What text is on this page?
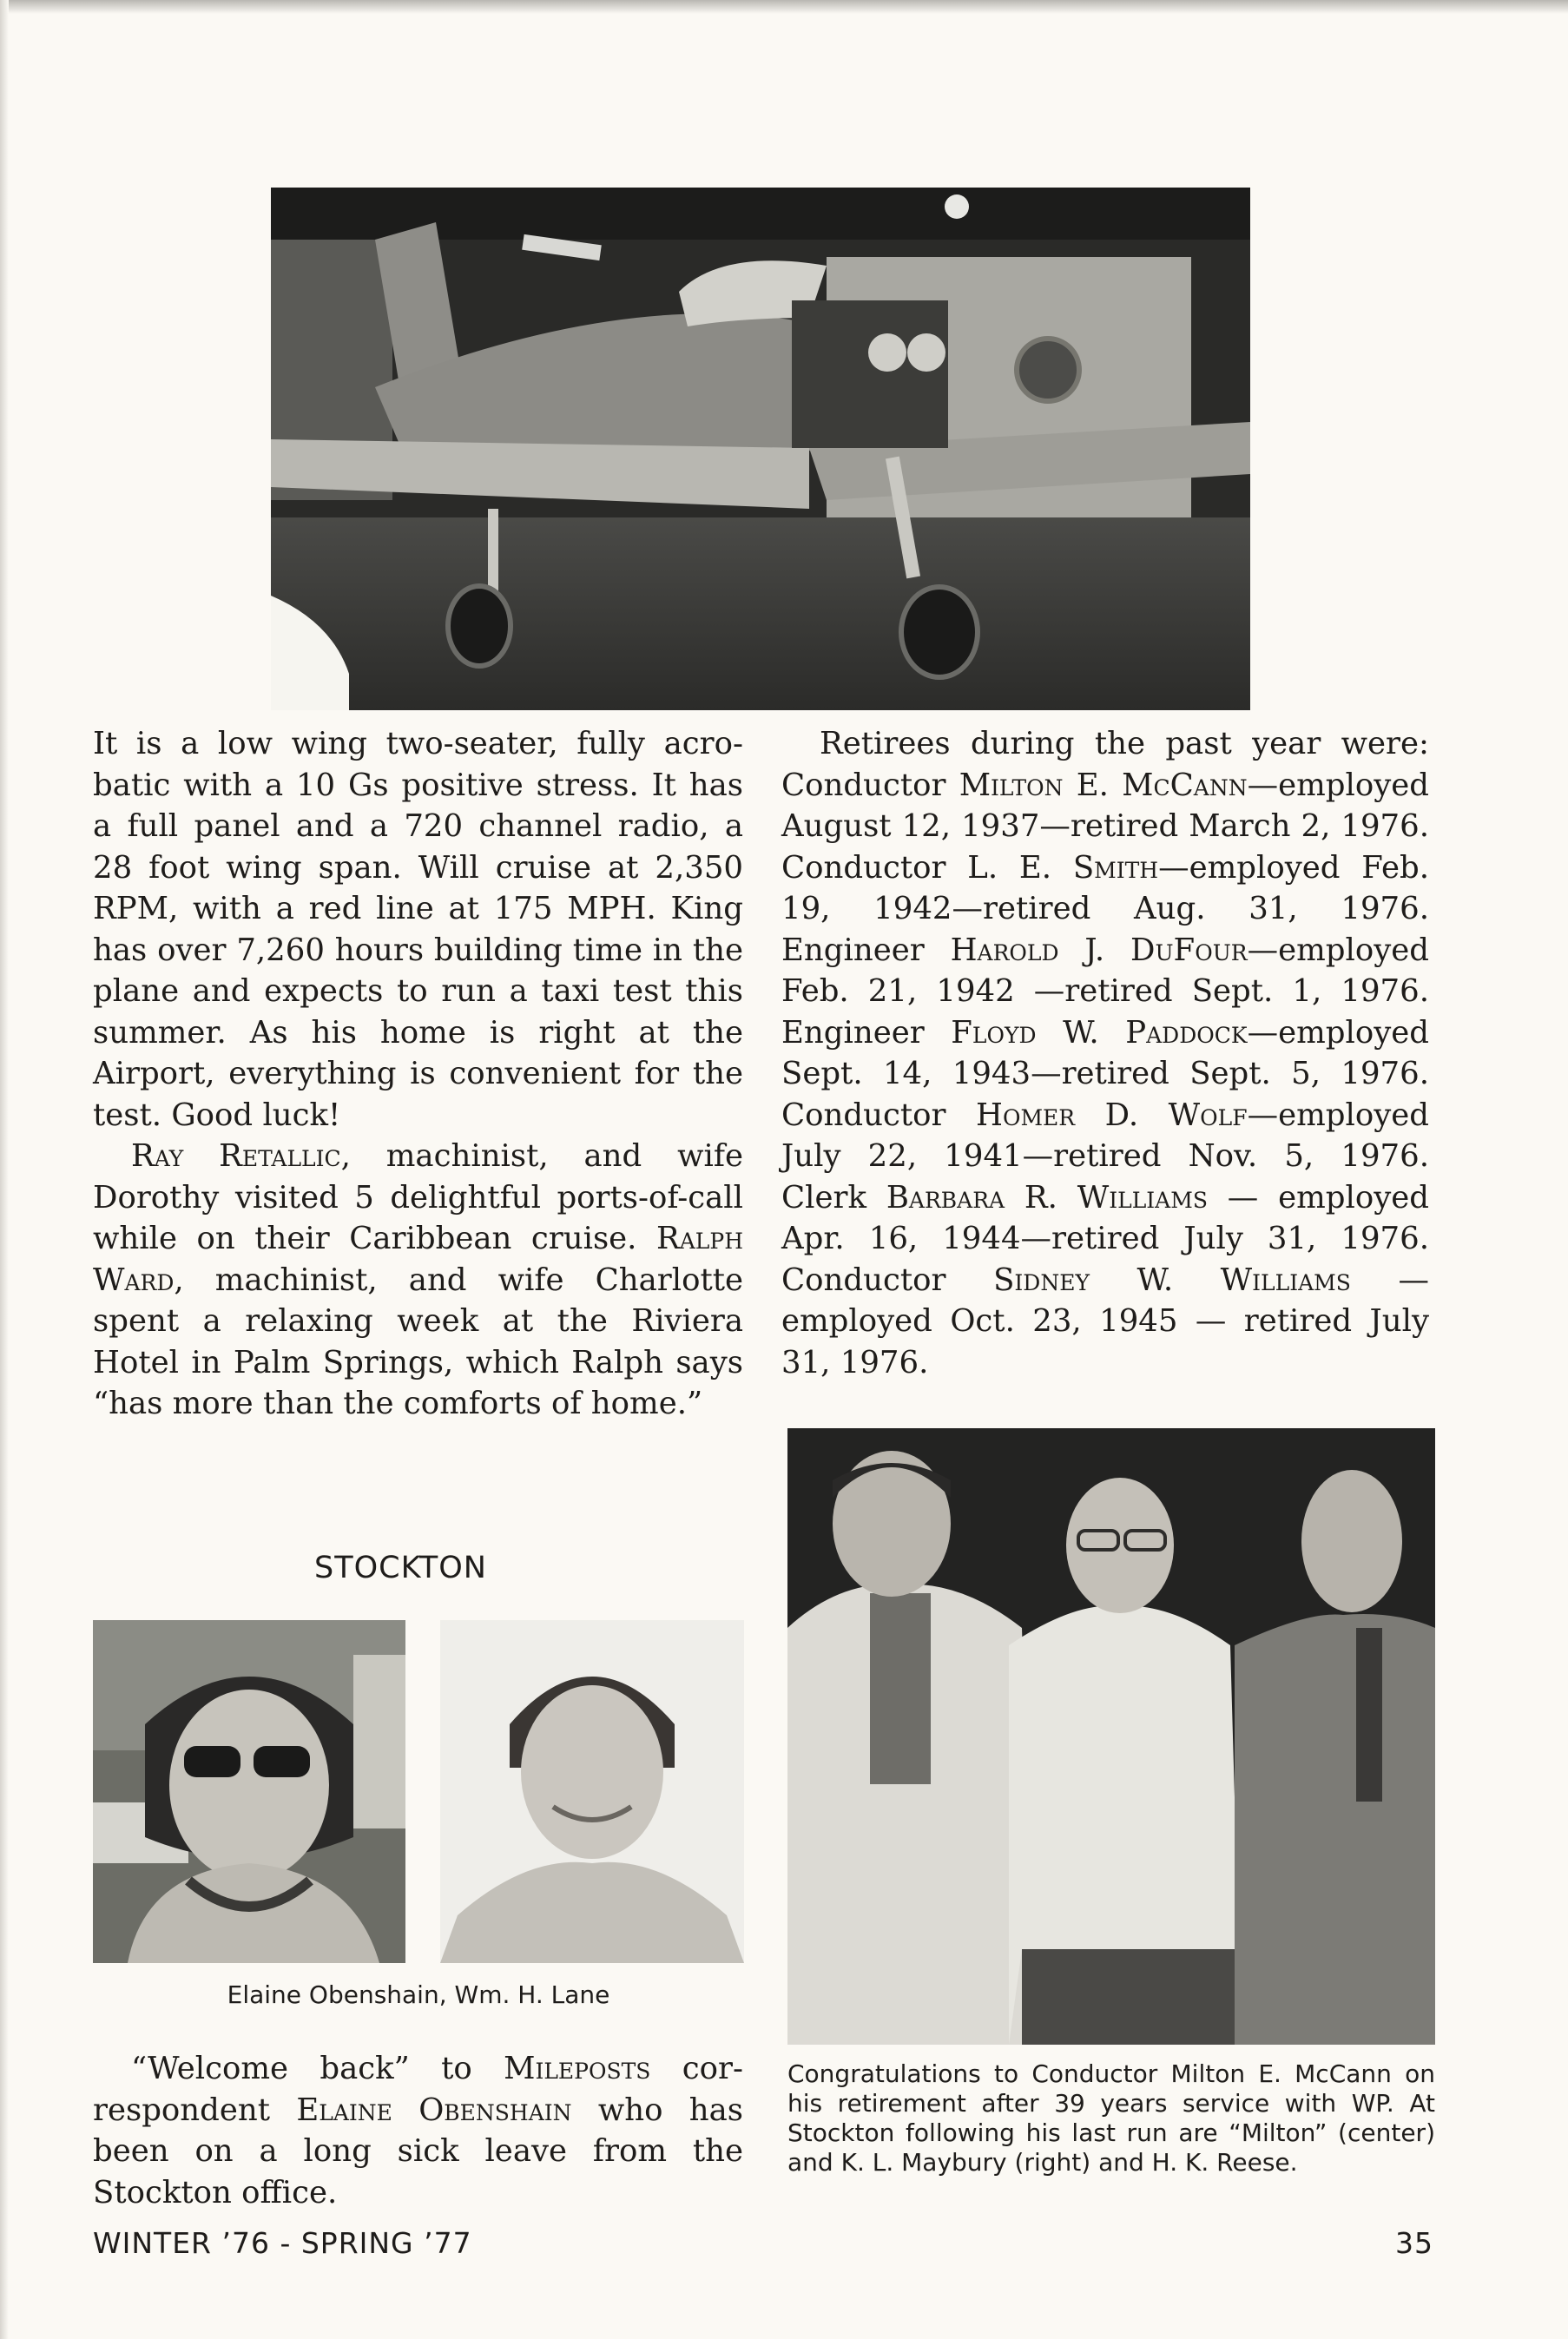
It is a low wing two-seater, fully acrobatic with a 10 Gs positive stress. It has a full panel and a 720 channel radio, a 28 foot wing span. Will cruise at 2,350 RPM, with a red line at 175 MPH. King has over 7,260 hours building time in the plane and expects to run a taxi test this summer. As his home is right at the Airport, everything is convenient for the test. Good luck!

Ray Retallic, machinist, and wife Dorothy visited 5 delightful ports-of-call while on their Caribbean cruise. Ralph Ward, machinist, and wife Charlotte spent a relaxing week at the Riviera Hotel in Palm Springs, which Ralph says “has more than the comforts of home.”

STOCKTON
Elaine Obenshain, Wm. H. Lane

“Welcome back” to Mileposts correspondent Elaine Obenshain who has been on a long sick leave from the Stockton office.

Retirees during the past year were: Conductor Milton E. McCann—employed August 12, 1937—retired March 2, 1976. Conductor L. E. Smith—employed Feb. 19, 1942—retired Aug. 31, 1976. Engineer Harold J. DuFour—employed Feb. 21, 1942 —retired Sept. 1, 1976. Engineer Floyd W. Paddock—employed Sept. 14, 1943—retired Sept. 5, 1976. Conductor Homer D. Wolf—employed July 22, 1941—retired Nov. 5, 1976. Clerk Barbara R. Williams — employed Apr. 16, 1944—retired July 31, 1976. Conductor Sidney W. Williams — employed Oct. 23, 1945 — retired July 31, 1976.

Congratulations to Conductor Milton E. McCann on his retirement after 39 years service with WP. At Stockton following his last run are “Milton” (center) and K. L. Maybury (right) and H. K. Reese.
WINTER ’76 - SPRING ’77	35
